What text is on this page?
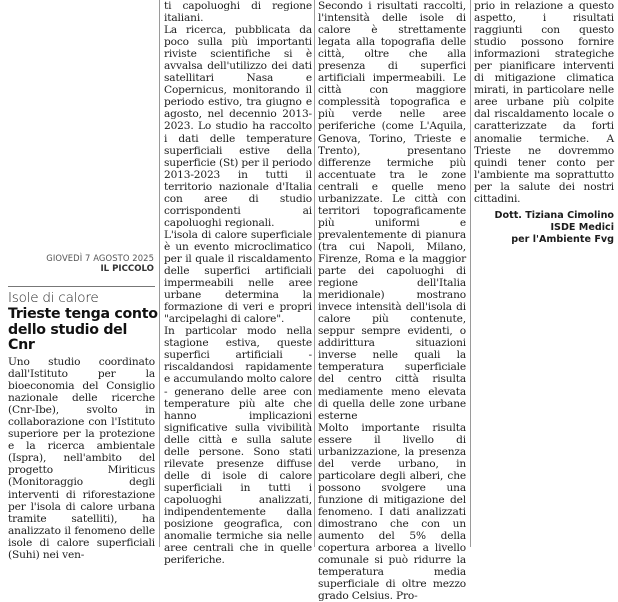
GIOVEDÌ 7 AGOSTO 2025
IL PICCOLO
Isole di calore
Trieste tenga conto dello studio del Cnr

Uno studio coordinato dall'Istituto per la bioeconomia del Consiglio nazionale delle ricerche (Cnr-Ibe), svolto in collaborazione con l'Istituto superiore per la protezione e la ricerca ambientale (Ispra), nell'ambito del progetto Miriticus (Monitoraggio degli interventi di riforestazione per l'isola di calore urbana tramite satelliti), ha analizzato il fenomeno delle isole di calore superficiali (Suhi) nei ven-

ti capoluoghi di regione italiani.

La ricerca, pubblicata da poco sulla più importanti riviste scientifiche si è avvalsa dell'utilizzo dei dati satellitari Nasa e Copernicus, monitorando il periodo estivo, tra giugno e agosto, nel decennio 2013-2023. Lo studio ha raccolto i dati delle temperature superficiali estive della superficie (St) per il periodo 2013-2023 in tutti il territorio nazionale d'Italia con aree di studio corrispondenti ai capoluoghi regionali.

L'isola di calore superficiale è un evento microclimatico per il quale il riscaldamento delle superfici artificiali impermeabili nelle aree urbane determina la formazione di veri e propri "arcipelaghi di calore".

In particolar modo nella stagione estiva, queste superfici artificiali - riscaldandosi rapidamente e accumulando molto calore - generano delle aree con temperature più alte che hanno implicazioni significative sulla vivibilità delle città e sulla salute delle persone. Sono stati rilevate presenze diffuse delle di isole di calore superficiali in tutti i capoluoghi analizzati, indipendentemente dalla posizione geografica, con anomalie termiche sia nelle aree centrali che in quelle periferiche.

Secondo i risultati raccolti, l'intensità delle isole di calore è strettamente legata alla topografia delle città, oltre che alla presenza di superfici artificiali impermeabili. Le città con maggiore complessità topografica e più verde nelle aree periferiche (come L'Aquila, Genova, Torino, Trieste e Trento), presentano differenze termiche più accentuate tra le zone centrali e quelle meno urbanizzate. Le città con territori topograficamente più uniformi e prevalentemente di pianura (tra cui Napoli, Milano, Firenze, Roma e la maggior parte dei capoluoghi di regione dell'Italia meridionale) mostrano invece intensità dell'isola di calore più contenute, seppur sempre evidenti, o addirittura situazioni inverse nelle quali la temperatura superficiale del centro città risulta mediamente meno elevata di quella delle zone urbane esterne

Molto importante risulta essere il livello di urbanizzazione, la presenza del verde urbano, in particolare degli alberi, che possono svolgere una funzione di mitigazione del fenomeno. I dati analizzati dimostrano che con un aumento del 5% della copertura arborea a livello comunale si può ridurre la temperatura media superficiale di oltre mezzo grado Celsius. Pro-

prio in relazione a questo aspetto, i risultati raggiunti con questo studio possono fornire informazioni strategiche per pianificare interventi di mitigazione climatica mirati, in particolare nelle aree urbane più colpite dal riscaldamento locale o caratterizzate da forti anomalie termiche. A Trieste ne dovremmo quindi tener conto per l'ambiente ma soprattutto per la salute dei nostri cittadini.

Dott. Tiziana Cimolino
ISDE Medici
per l'Ambiente Fvg
